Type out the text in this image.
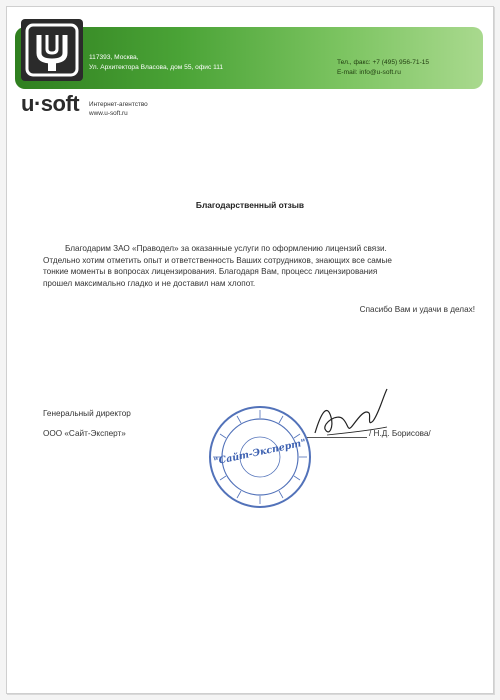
u·soft
117393, Москва,
Ул. Архитектора Власова, дом 55, офис 111
Тел., факс: +7 (495) 956-71-15
E-mail: info@u-soft.ru
Интернет-агентство
www.u-soft.ru
Благодарственный отзыв
Благодарим ЗАО «Праводел» за оказанные услуги по оформлению лицензий связи.
Отдельно хотим отметить опыт и ответственность Ваших сотрудников, знающих все самые
тонкие моменты в вопросах лицензирования. Благодаря Вам, процесс лицензирования
прошел максимально гладко и не доставил нам хлопот.
Спасибо Вам и удачи в делах!
Генеральный директор
ООО «Сайт-Эксперт»
"Сайт-Эксперт"
/ Н.Д. Борисова/
